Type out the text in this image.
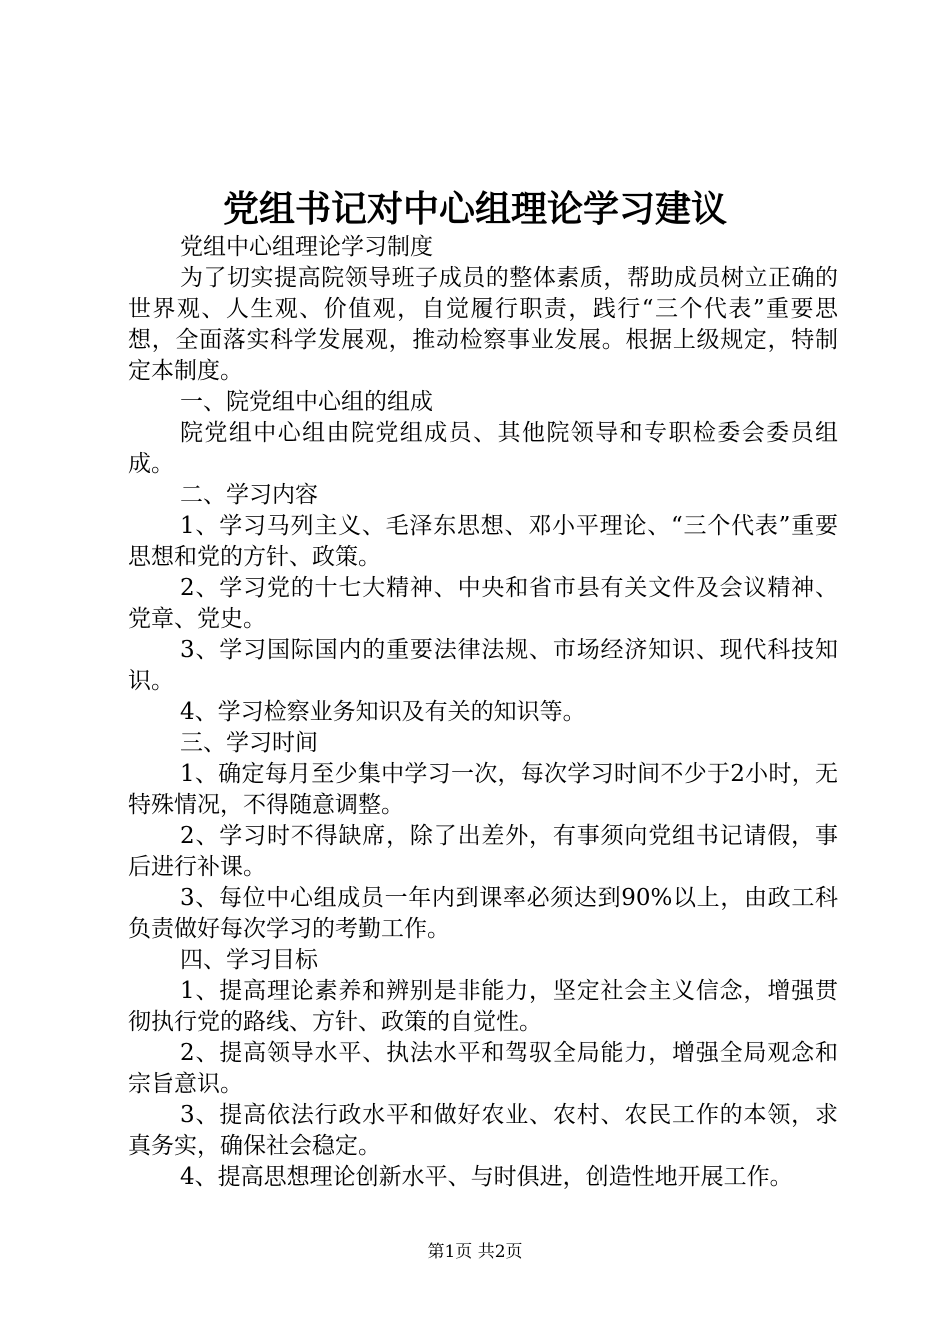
党组书记对中心组理论学习建议

党组中心组理论学习制度

为了切实提高院领导班子成员的整体素质，帮助成员树立正确的世界观、人生观、价值观，自觉履行职责，践行“三个代表”重要思想，全面落实科学发展观，推动检察事业发展。根据上级规定，特制定本制度。

一、院党组中心组的组成

院党组中心组由院党组成员、其他院领导和专职检委会委员组成。

二、学习内容

1、学习马列主义、毛泽东思想、邓小平理论、“三个代表”重要思想和党的方针、政策。

2、学习党的十七大精神、中央和省市县有关文件及会议精神、党章、党史。

3、学习国际国内的重要法律法规、市场经济知识、现代科技知识。

4、学习检察业务知识及有关的知识等。

三、学习时间

1、确定每月至少集中学习一次，每次学习时间不少于2小时，无特殊情况，不得随意调整。

2、学习时不得缺席，除了出差外，有事须向党组书记请假，事后进行补课。

3、每位中心组成员一年内到课率必须达到90%以上，由政工科负责做好每次学习的考勤工作。

四、学习目标

1、提高理论素养和辨别是非能力，坚定社会主义信念，增强贯彻执行党的路线、方针、政策的自觉性。

2、提高领导水平、执法水平和驾驭全局能力，增强全局观念和宗旨意识。

3、提高依法行政水平和做好农业、农村、农民工作的本领，求真务实，确保社会稳定。

4、提高思想理论创新水平、与时俱进，创造性地开展工作。

第1页 共2页
